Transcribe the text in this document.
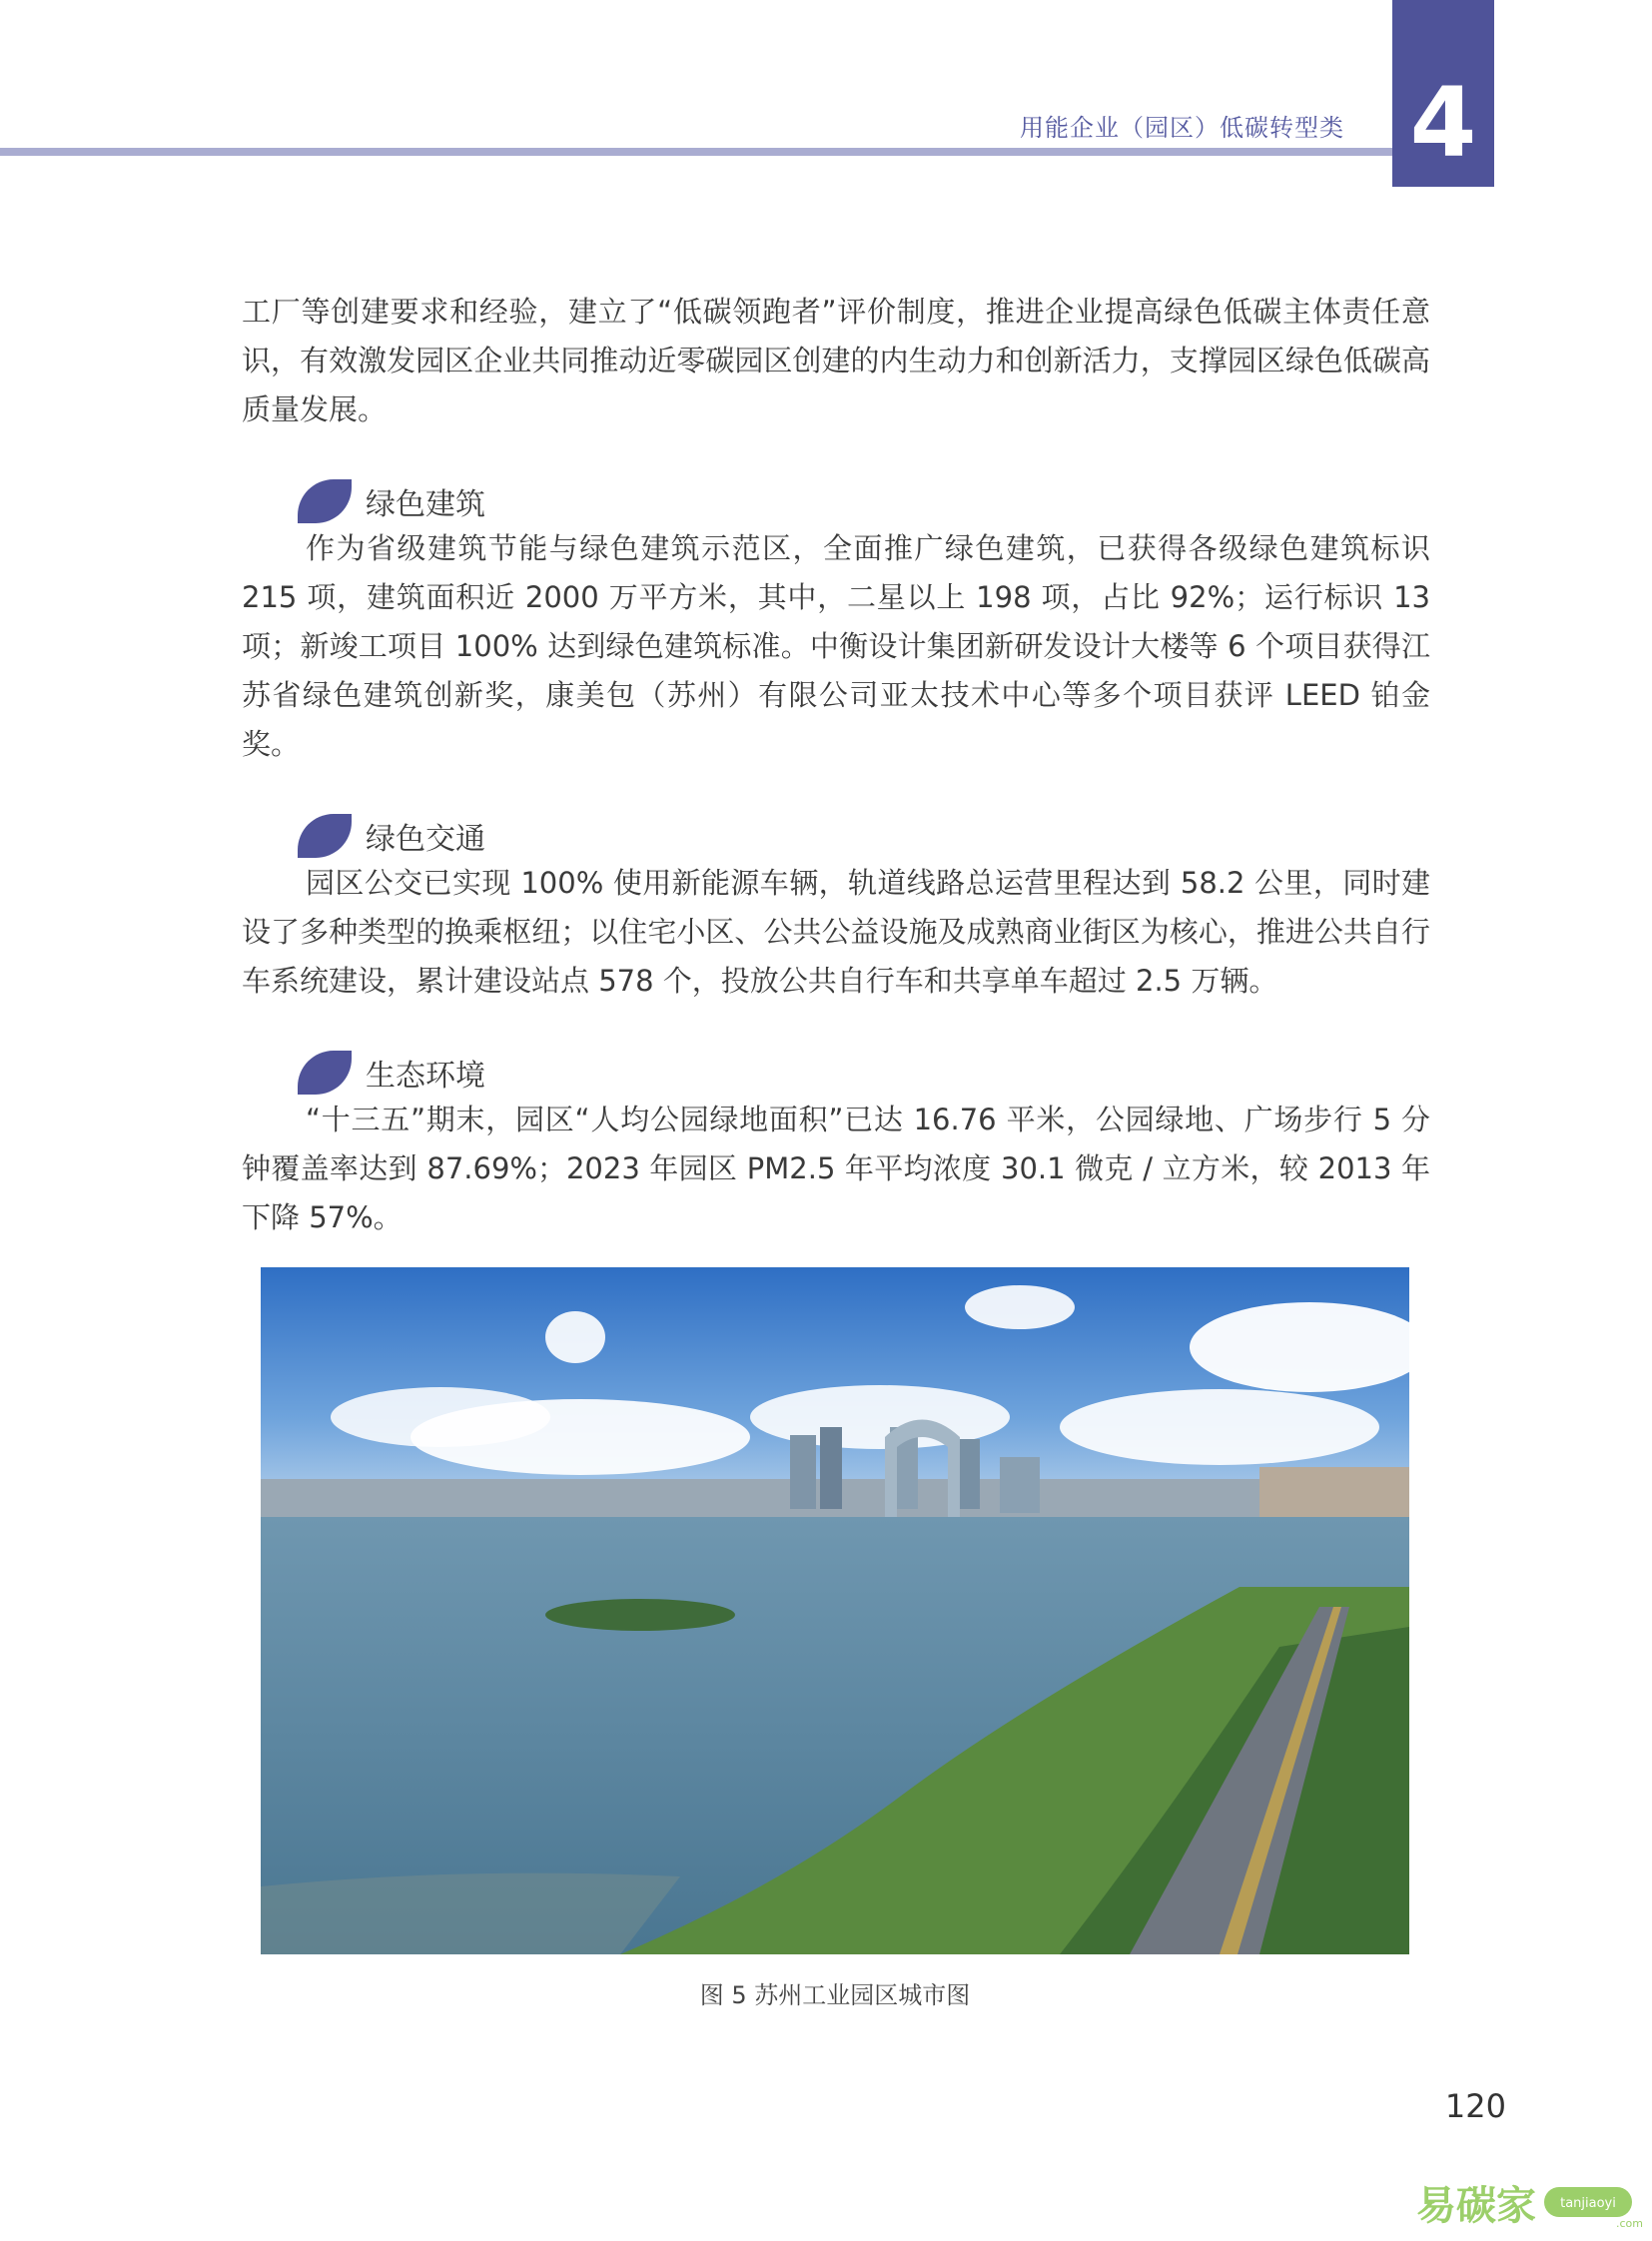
用能企业（园区）低碳转型类 4

工厂等创建要求和经验，建立了“低碳领跑者”评价制度，推进企业提高绿色低碳主体责任意识，有效激发园区企业共同推动近零碳园区创建的内生动力和创新活力，支撑园区绿色低碳高质量发展。

绿色建筑

作为省级建筑节能与绿色建筑示范区，全面推广绿色建筑，已获得各级绿色建筑标识 215 项，建筑面积近 2000 万平方米，其中，二星以上 198 项，占比 92%；运行标识 13 项；新竣工项目 100% 达到绿色建筑标准。中衡设计集团新研发设计大楼等 6 个项目获得江苏省绿色建筑创新奖，康美包（苏州）有限公司亚太技术中心等多个项目获评 LEED 铂金奖。

绿色交通

园区公交已实现 100% 使用新能源车辆，轨道线路总运营里程达到 58.2 公里，同时建设了多种类型的换乘枢纽；以住宅小区、公共公益设施及成熟商业街区为核心，推进公共自行车系统建设，累计建设站点 578 个，投放公共自行车和共享单车超过 2.5 万辆。

生态环境

“十三五”期末，园区“人均公园绿地面积”已达 16.76 平米，公园绿地、广场步行 5 分钟覆盖率达到 87.69%；2023 年园区 PM2.5 年平均浓度 30.1 微克 / 立方米，较 2013 年下降 57%。

图 5 苏州工业园区城市图
120
易碳家 tanjiaoyi
.com
